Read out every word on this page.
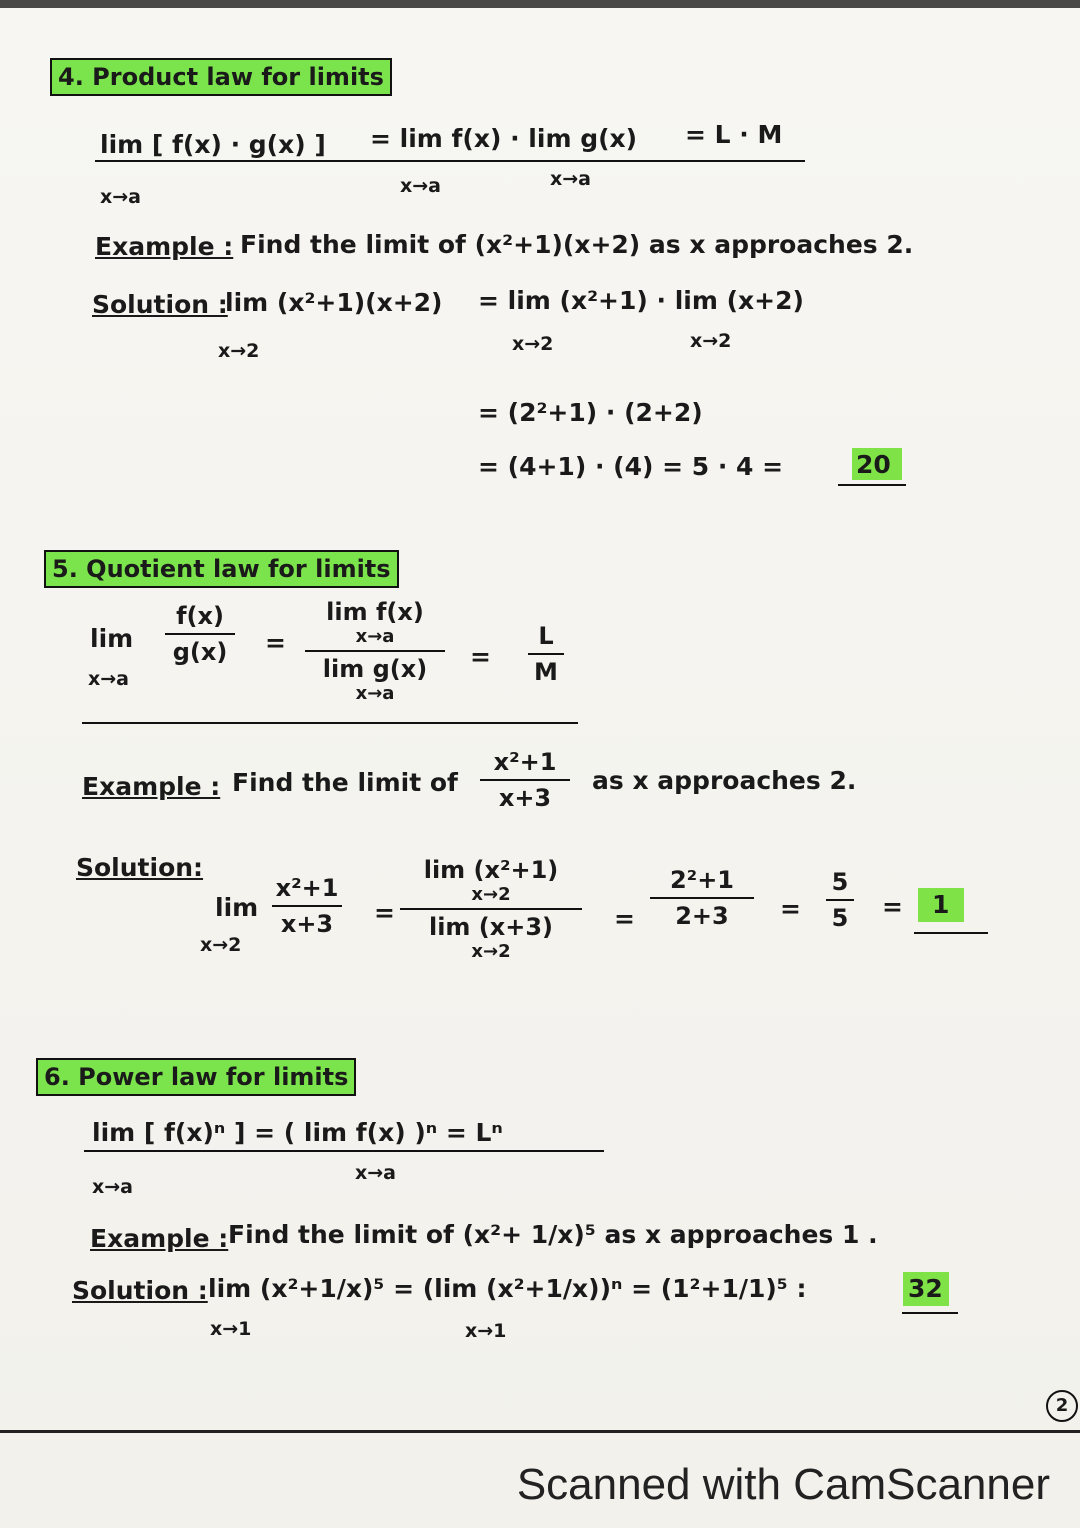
4. Product law for limits
lim [ f(x) · g(x) ] = lim f(x) · lim g(x) = L · M
x→a	x→a	x→a
Example : Find the limit of (x²+1)(x+2) as x approaches 2.
Solution :
lim (x²+1)(x+2) = lim (x²+1) · lim (x+2)
x→2	x→2	x→2
= (2²+1) · (2+2)
= (4+1) · (4) = 5 · 4 =	20
5. Quotient law for limits
lim
x→a
f(x)
g(x) =
lim f(x)
x→a
lim g(x)
x→a
=
L
M
Example : Find the limit of
x²+1
x+3
as x approaches 2.
Solution:
lim
x→2
x²+1
x+3 =
lim (x²+1)
x→2
lim (x+3)
x→2
=
2²+1
2+3 =
5
5 = 1
6. Power law for limits
lim [ f(x)ⁿ ] = ( lim f(x) )ⁿ = Lⁿ
x→a
x→a
Example : Find the limit of (x²+ 1/x)⁵ as x approaches 1 .
Solution : lim (x²+1/x)⁵ = (lim (x²+1/x))ⁿ = (1²+1/1)⁵ :
x→1	x→1
32
2
Scanned with CamScanner
